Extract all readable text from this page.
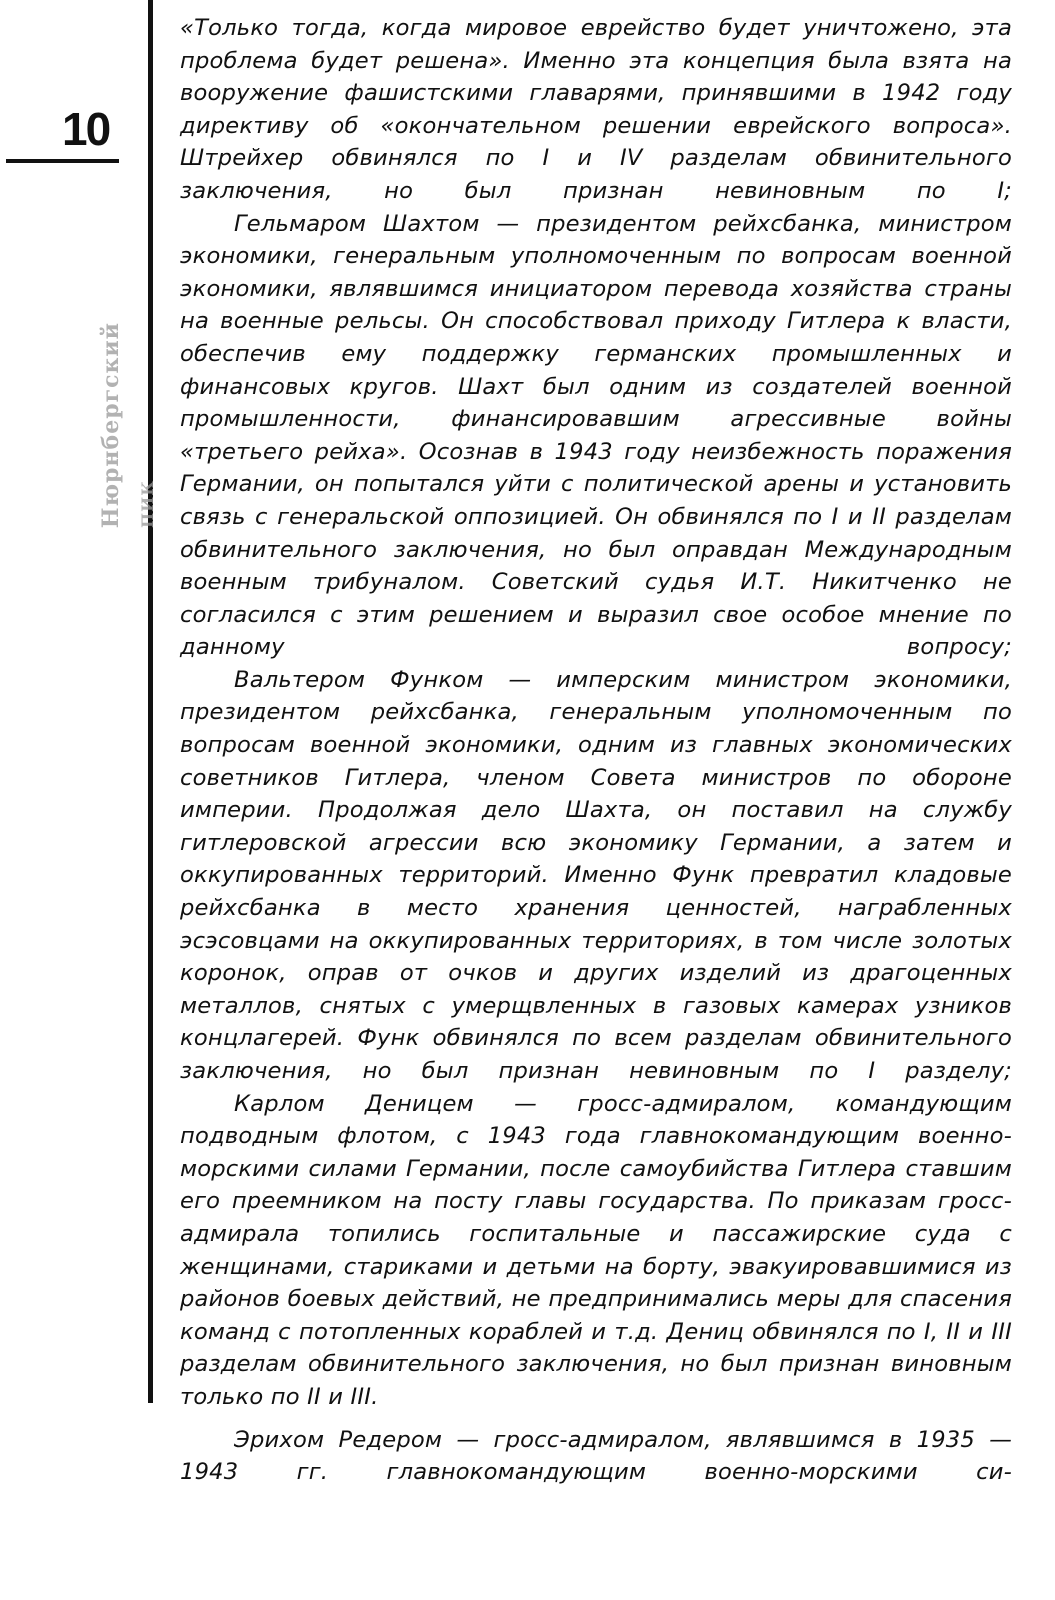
10
Нюрнбергский ПИК

«Только тогда, когда мировое еврейство будет уничтожено, эта проблема будет решена». Именно эта концепция была взята на вооружение фашистскими главарями, принявшими в 1942 году директиву об «окончательном решении еврейского вопроса». Штрейхер обвинялся по I и IV разделам обвинительного заключения, но был признан невиновным по I;

Гельмаром Шахтом — президентом рейхсбанка, министром экономики, генеральным уполномоченным по вопросам военной экономики, являвшимся инициатором перевода хозяйства страны на военные рельсы. Он способствовал приходу Гитлера к власти, обеспечив ему поддержку германских промышленных и финансовых кругов. Шахт был одним из создателей военной промышленности, финансировавшим агрессивные войны «третьего рейха». Осознав в 1943 году неизбежность поражения Германии, он попытался уйти с политической арены и установить связь с генеральской оппозицией. Он обвинялся по I и II разделам обвинительного заключения, но был оправдан Международным военным трибуналом. Советский судья И.Т. Никитченко не согласился с этим решением и выразил свое особое мнение по данному вопросу;

Вальтером Функом — имперским министром экономики, президентом рейхсбанка, генеральным уполномоченным по вопросам военной экономики, одним из главных экономических советников Гитлера, членом Совета министров по обороне империи. Продолжая дело Шахта, он поставил на службу гитлеровской агрессии всю экономику Германии, а затем и оккупированных территорий. Именно Функ превратил кладовые рейхсбанка в место хранения ценностей, награбленных эсэсовцами на оккупированных территориях, в том числе золотых коронок, оправ от очков и других изделий из драгоценных металлов, снятых с умерщвленных в газовых камерах узников концлагерей. Функ обвинялся по всем разделам обвинительного заключения, но был признан невиновным по I разделу;

Карлом Деницем — гросс-адмиралом, командующим подводным флотом, с 1943 года главнокомандующим военно-морскими силами Германии, после самоубийства Гитлера ставшим его преемником на посту главы государства. По приказам гросс-адмирала топились госпитальные и пассажирские суда с женщинами, стариками и детьми на борту, эвакуировавшимися из районов боевых действий, не предпринимались меры для спасения команд с потопленных кораблей и т.д. Дениц обвинялся по I, II и III разделам обвинительного заключения, но был признан виновным только по II и III.

Эрихом Редером — гросс-адмиралом, являвшимся в 1935 — 1943 гг. главнокомандующим военно-морскими си-
